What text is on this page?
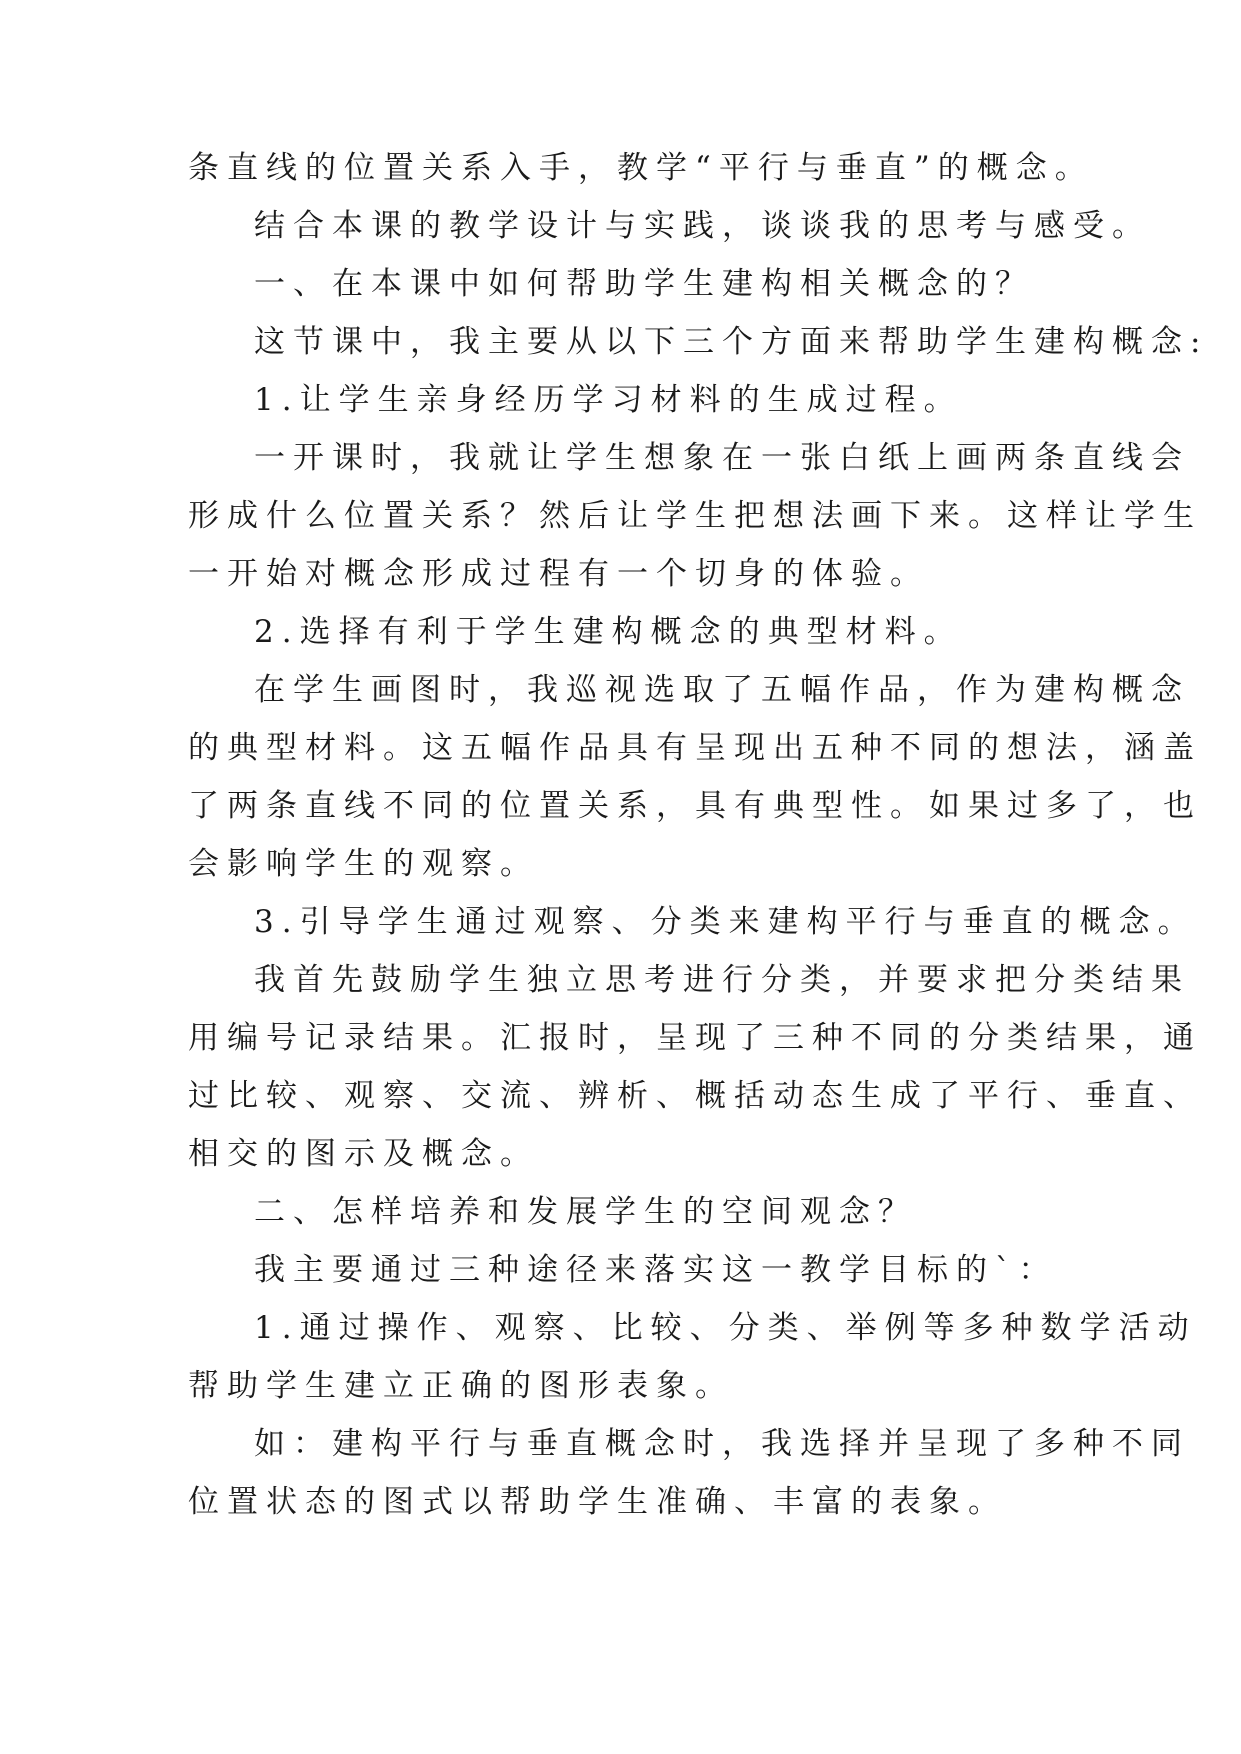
条直线的位置关系入手，教学“平行与垂直”的概念。
结合本课的教学设计与实践，谈谈我的思考与感受。
一、在本课中如何帮助学生建构相关概念的？
这节课中，我主要从以下三个方面来帮助学生建构概念:
1.让学生亲身经历学习材料的生成过程。
一开课时，我就让学生想象在一张白纸上画两条直线会
形成什么位置关系？然后让学生把想法画下来。这样让学生
一开始对概念形成过程有一个切身的体验。
2.选择有利于学生建构概念的典型材料。
在学生画图时，我巡视选取了五幅作品，作为建构概念
的典型材料。这五幅作品具有呈现出五种不同的想法，涵盖
了两条直线不同的位置关系，具有典型性。如果过多了，也
会影响学生的观察。
3.引导学生通过观察、分类来建构平行与垂直的概念。
我首先鼓励学生独立思考进行分类，并要求把分类结果
用编号记录结果。汇报时，呈现了三种不同的分类结果，通
过比较、观察、交流、辨析、概括动态生成了平行、垂直、
相交的图示及概念。
二、怎样培养和发展学生的空间观念？
我主要通过三种途径来落实这一教学目标的`：
1.通过操作、观察、比较、分类、举例等多种数学活动
帮助学生建立正确的图形表象。
如：建构平行与垂直概念时，我选择并呈现了多种不同
位置状态的图式以帮助学生准确、丰富的表象。
